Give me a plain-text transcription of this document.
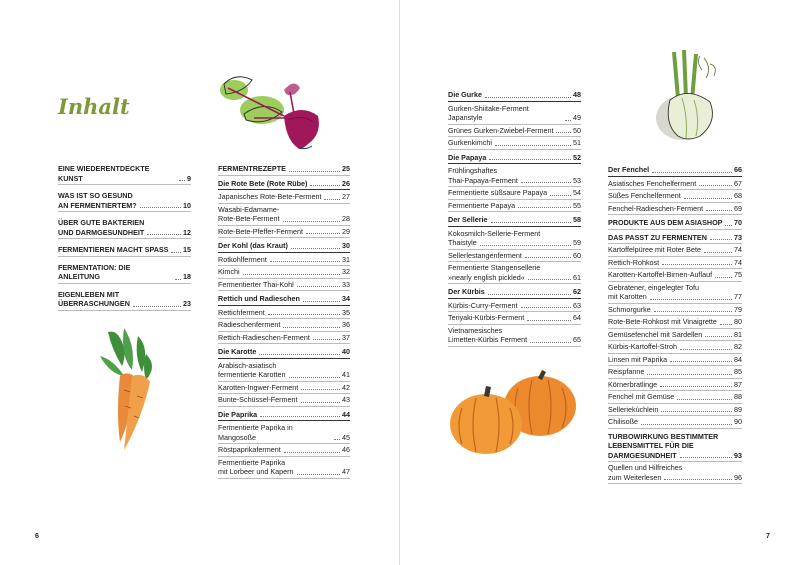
Inhalt
EINE WIEDERENTDECKTE KUNST	9
WAS IST SO GESUND
AN FERMENTIERTEM?	10
ÜBER GUTE BAKTERIEN
UND DARMGESUNDHEIT	12
FERMENTIEREN MACHT SPASS 15
FERMENTATION: DIE ANLEITUNG	18
EIGENLEBEN MIT
ÜBERRASCHUNGEN	23
FERMENTREZEPTE	25
Die Rote Bete (Rote Rübe)	26
Japanisches Rote-Bete-Ferment	27
Wasabi-Edamame-
Rote-Bete-Ferment	28
Rote-Bete-Pfeffer-Ferment	29
Der Kohl (das Kraut)	30
Rotkohlferment	31
Kimchi	32
Fermentierter Thai-Kohl	33
Rettich und Radieschen	34
Rettichferment	35
Radieschenferment	36
Rettich-Radieschen-Ferment	37
Die Karotte	40
Arabisch-asiatisch
fermentierte Karotten	41
Karotten-Ingwer-Ferment	42
Bunte-Schüssel-Ferment	43
Die Paprika	44
Fermentierte Paprika in Mangosoße	45
Röstpaprikaferment	46
Fermentierte Paprika
mit Lorbeer und Kapern	47
6
Die Gurke	48
Gurken-Shiitake-Ferment Japanstyle	49
Grünes Gurken-Zwiebel-Ferment	50
Gurkenkimchi	51
Die Papaya	52
Frühlingshaftes
Thai-Papaya-Ferment	53
Fermentierte süßsaure Papaya	54
Fermentierte Papaya	55
Der Sellerie	58
Kokosmilch-Sellerie-Ferment
Thaistyle	59
Sellerlestangenferment	60
Fermentierte Stangensellerie
»nearly english pickled«	61
Der Kürbis	62
Kürbis-Curry-Ferment	63
Teriyaki-Kürbis-Ferment	64
Vietnamesisches
Limetten-Kürbis Ferment	65
Der Fenchel	66
Asiatisches Fenchelferment	67
Süßes Fenchelferment	68
Fenchel-Radieschen-Ferment	69
PRODUKTE AUS DEM ASIASHOP 70
DAS PASST ZU FERMENTEN	73
Kartoffelpüree mit Roter Bete	74
Rettich-Rohkost	74
Karotten-Kartoffel-Birnen-Auflauf	75
Gebratener, eingelegter Tofu
mit Karotten	77
Schmorgurke	79
Rote-Bete-Rohkost mit Vinaigrette 80
Gemüsefenchel mit Sardellen	81
Kürbis-Kartoffel-Stroh	82
Linsen mit Paprika	84
Reispfanne	85
Körnerbratlinge	87
Fenchel mit Gemüse	88
Selleriekùchlein	89
Chilisoße	90
TURBOWIRKUNG BESTIMMTER
LEBENSMITTEL FÜR DIE
DARMGESUNDHEIT	93
Quellen und Hilfreiches
zum Weiterlesen	96
7
